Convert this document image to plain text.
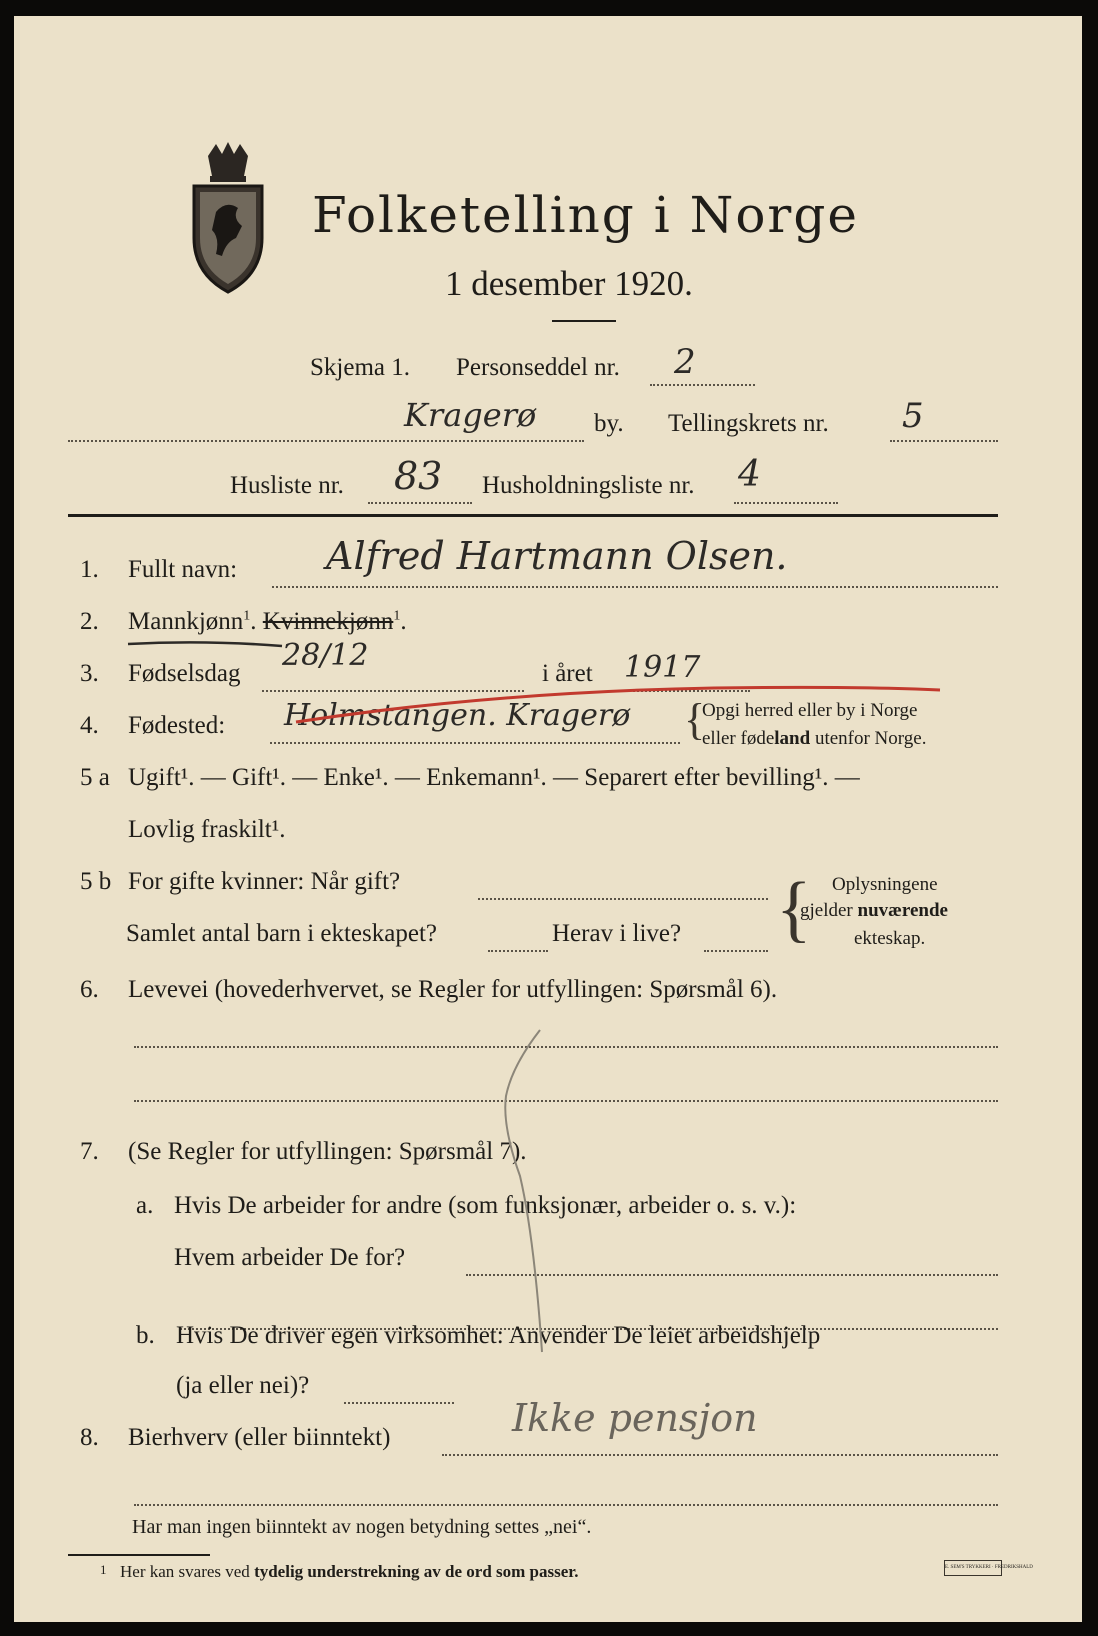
Folketelling i Norge
1 desember 1920.
Skjema 1. Personseddel nr. 2
Kragerø by. Tellingskrets nr. 5
Husliste nr. 83 Husholdningsliste nr. 4
1. Fullt navn: Alfred Hartmann Olsen.
2. Mannkjønn$^1$. Kvinnekjønn$^1$.
3. Fødselsdag
28/12
i året 1917
4. Fødested: Holmstangen. Kragerø {
Opgi herred eller by i Norge
eller fødeland utenfor Norge.
5 a Ugift¹. — Gift¹. — Enke¹. — Enkemann¹. — Separert efter bevilling¹. —
Lovlig fraskilt¹.
5 b For gifte kvinner: Når gift?
Samlet antal barn i ekteskapet?	Herav i live? { Oplysningene
gjelder nuværende
ekteskap.
6. Levevei (hovederhvervet, se Regler for utfyllingen: Spørsmål 6).
7. (Se Regler for utfyllingen: Spørsmål 7).
a. Hvis De arbeider for andre (som funksjonær, arbeider o. s. v.):
Hvem arbeider De for?
b. Hvis De driver egen virksomhet: Anvender De leiet arbeidshjelp
(ja eller nei)?
8. Bierhverv (eller biinntekt)	Ikke pensjon
Har man ingen biinntekt av nogen betydning settes „nei“.
1 Her kan svares ved tydelig understrekning av de ord som passer.	E. SEM'S TRYKKERI · FREDRIKSHALD
